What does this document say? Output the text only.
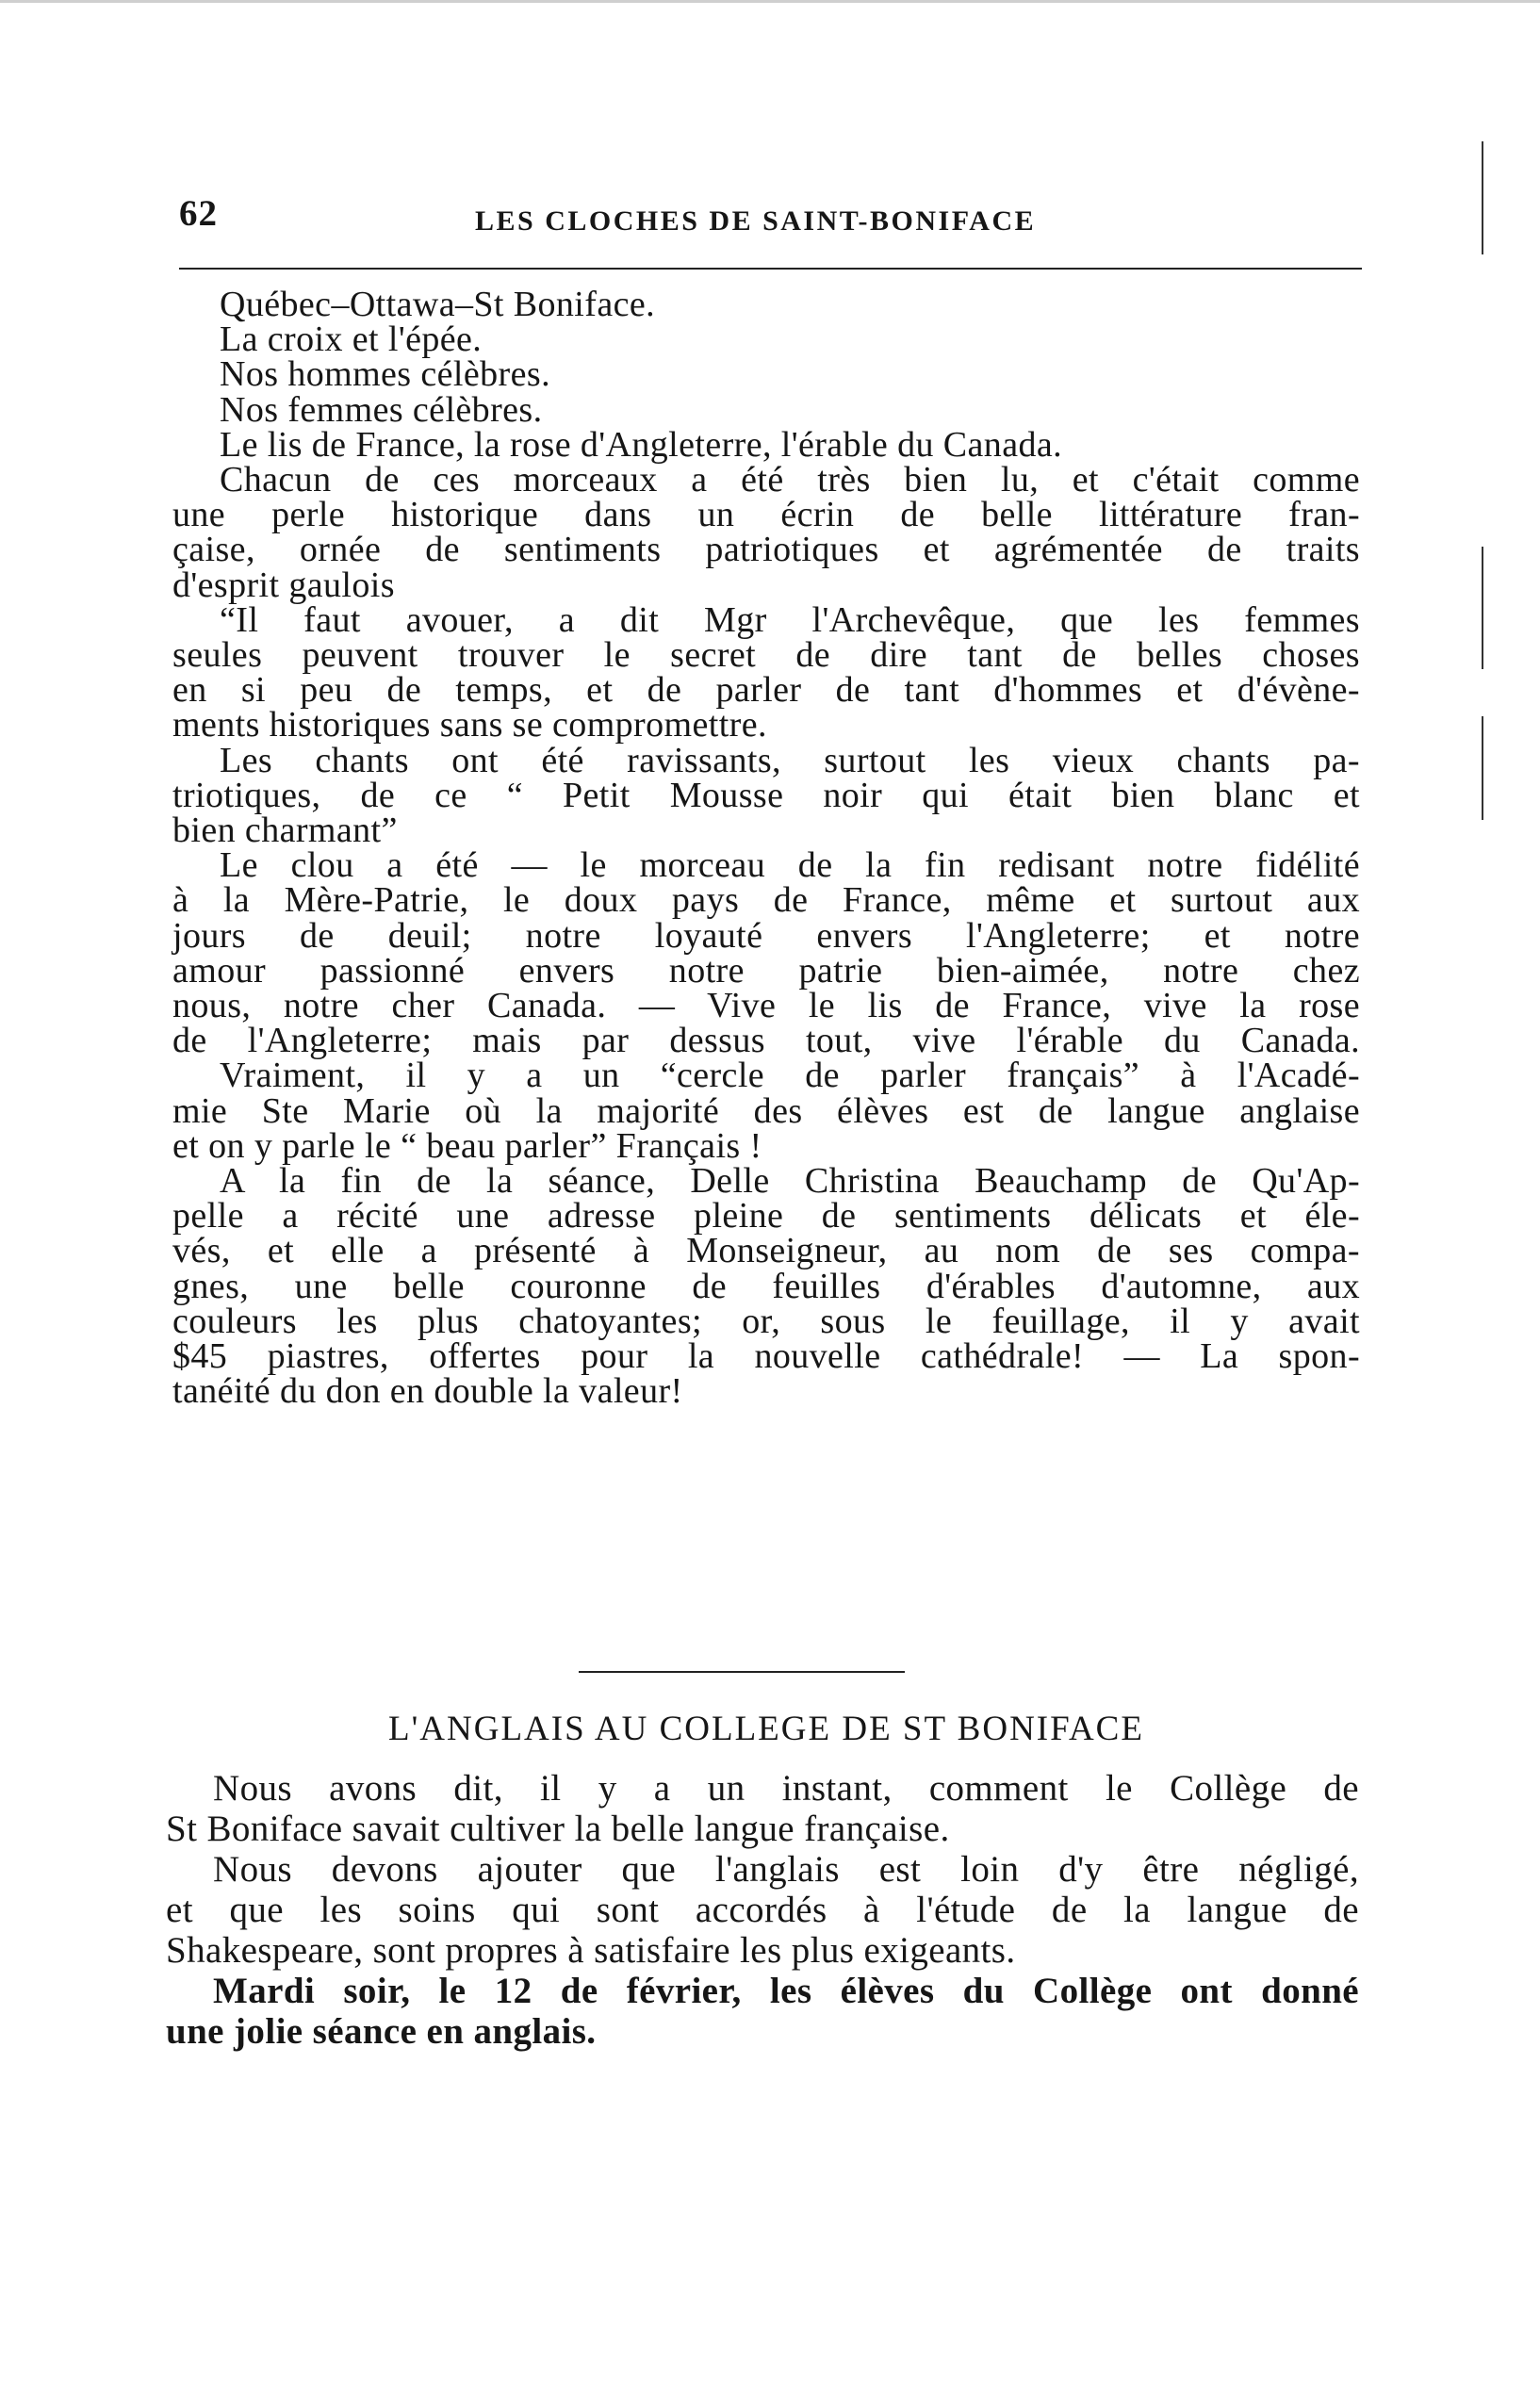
62	LES CLOCHES DE SAINT-BONIFACE
Québec–Ottawa–St Boniface.
La croix et l'épée.
Nos hommes célèbres.
Nos femmes célèbres.
Le lis de France, la rose d'Angleterre, l'érable du Canada.
Chacun de ces morceaux a été très bien lu, et c'était comme
une perle historique dans un écrin de belle littérature fran-
çaise, ornée de sentiments patriotiques et agrémentée de traits
d'esprit gaulois
“Il faut avouer, a dit Mgr l'Archevêque, que les femmes
seules peuvent trouver le secret de dire tant de belles choses
en si peu de temps, et de parler de tant d'hommes et d'évène-
ments historiques sans se compromettre.
Les chants ont été ravissants, surtout les vieux chants pa-
triotiques, de ce “ Petit Mousse noir qui était bien blanc et
bien charmant”
Le clou a été — le morceau de la fin redisant notre fidélité
à la Mère-Patrie, le doux pays de France, même et surtout aux
jours de deuil; notre loyauté envers l'Angleterre; et notre
amour passionné envers notre patrie bien-aimée, notre chez
nous, notre cher Canada. — Vive le lis de France, vive la rose
de l'Angleterre; mais par dessus tout, vive l'érable du Canada.
Vraiment, il y a un “cercle de parler français” à l'Acadé-
mie Ste Marie où la majorité des élèves est de langue anglaise
et on y parle le “ beau parler” Français !
A la fin de la séance, Delle Christina Beauchamp de Qu'Ap-
pelle a récité une adresse pleine de sentiments délicats et éle-
vés, et elle a présenté à Monseigneur, au nom de ses compa-
gnes, une belle couronne de feuilles d'érables d'automne, aux
couleurs les plus chatoyantes; or, sous le feuillage, il y avait
$45 piastres, offertes pour la nouvelle cathédrale! — La spon-
tanéité du don en double la valeur!
L'ANGLAIS AU COLLEGE DE ST BONIFACE
Nous avons dit, il y a un instant, comment le Collège de
St Boniface savait cultiver la belle langue française.
Nous devons ajouter que l'anglais est loin d'y être négligé,
et que les soins qui sont accordés à l'étude de la langue de
Shakespeare, sont propres à satisfaire les plus exigeants.
Mardi soir, le 12 de février, les élèves du Collège ont donné
une jolie séance en anglais.
